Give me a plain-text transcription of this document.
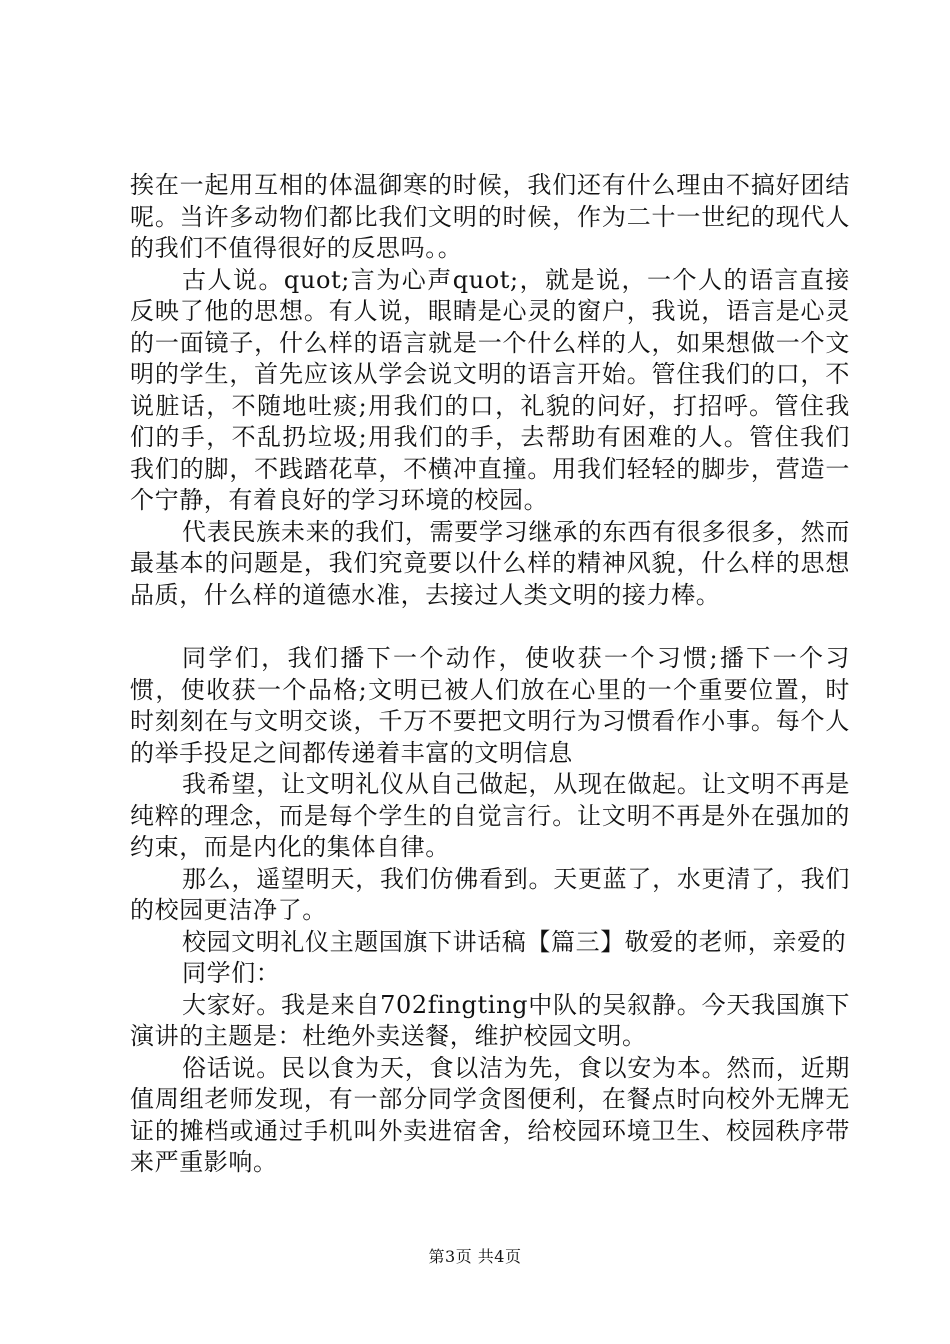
挨在一起用互相的体温御寒的时候，我们还有什么理由不搞好团结呢。当许多动物们都比我们文明的时候，作为二十一世纪的现代人的我们不值得很好的反思吗。。

古人说。quot;言为心声quot;，就是说，一个人的语言直接反映了他的思想。有人说，眼睛是心灵的窗户，我说，语言是心灵的一面镜子，什么样的语言就是一个什么样的人，如果想做一个文明的学生，首先应该从学会说文明的语言开始。管住我们的口，不说脏话，不随地吐痰;用我们的口，礼貌的问好，打招呼。管住我们的手，不乱扔垃圾;用我们的手，去帮助有困难的人。管住我们我们的脚，不践踏花草，不横冲直撞。用我们轻轻的脚步，营造一个宁静，有着良好的学习环境的校园。

代表民族未来的我们，需要学习继承的东西有很多很多，然而最基本的问题是，我们究竟要以什么样的精神风貌，什么样的思想品质，什么样的道德水准，去接过人类文明的接力棒。

同学们，我们播下一个动作，使收获一个习惯;播下一个习惯，使收获一个品格;文明已被人们放在心里的一个重要位置，时时刻刻在与文明交谈，千万不要把文明行为习惯看作小事。每个人的举手投足之间都传递着丰富的文明信息

我希望，让文明礼仪从自己做起，从现在做起。让文明不再是纯粹的理念，而是每个学生的自觉言行。让文明不再是外在强加的约束，而是内化的集体自律。

那么，遥望明天，我们仿佛看到。天更蓝了，水更清了，我们的校园更洁净了。

校园文明礼仪主题国旗下讲话稿【篇三】敬爱的老师，亲爱的

同学们：

大家好。我是来自702fingting中队的吴叙静。今天我国旗下演讲的主题是：杜绝外卖送餐，维护校园文明。

俗话说。民以食为天，食以洁为先，食以安为本。然而，近期值周组老师发现，有一部分同学贪图便利，在餐点时向校外无牌无证的摊档或通过手机叫外卖进宿舍，给校园环境卫生、校园秩序带来严重影响。

第3页 共4页
